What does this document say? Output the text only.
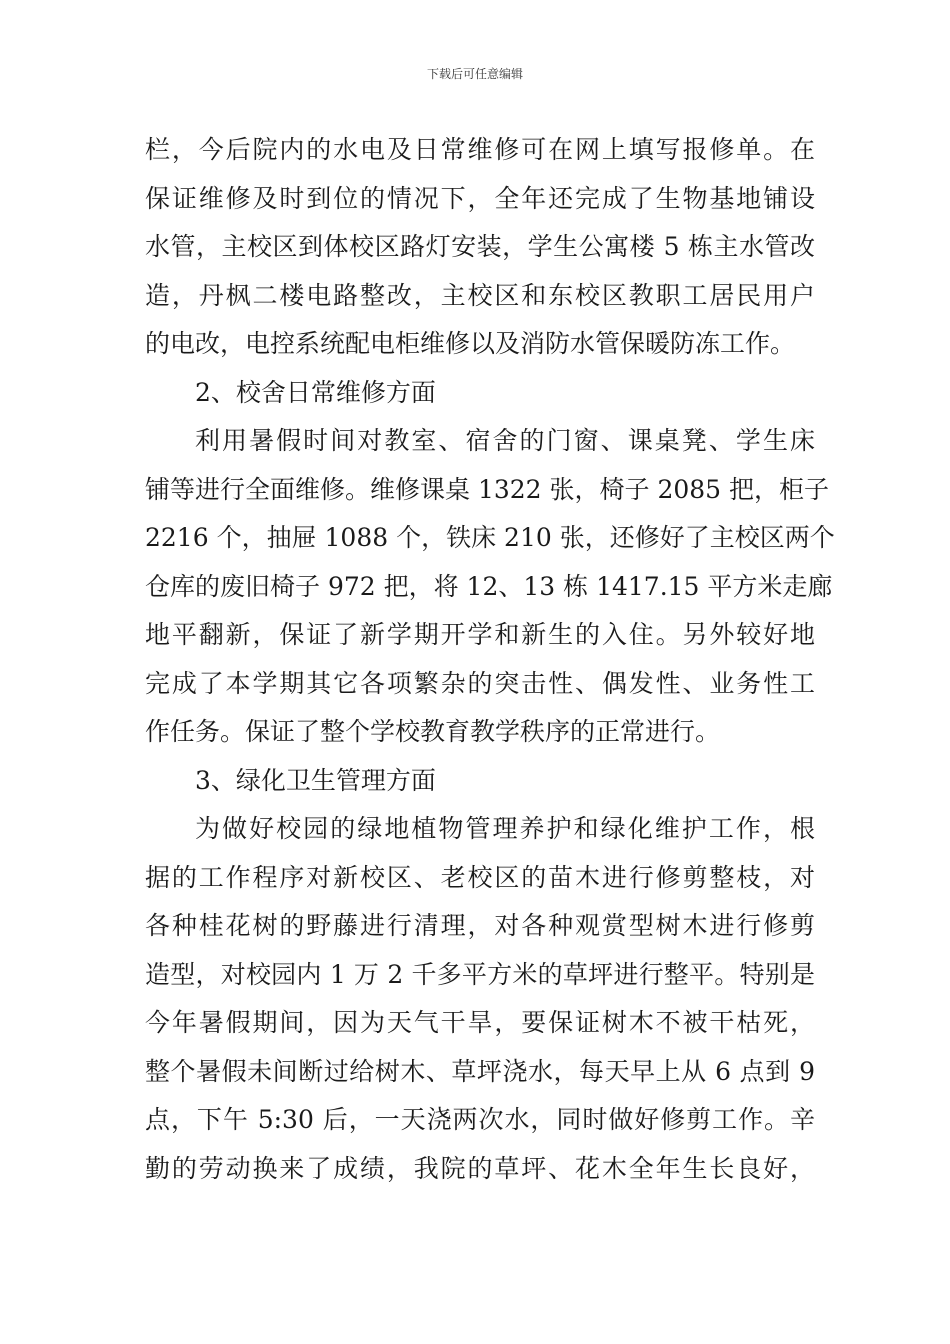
下载后可任意编辑
栏，今后院内的水电及日常维修可在网上填写报修单。在
保证维修及时到位的情况下，全年还完成了生物基地铺设
水管，主校区到体校区路灯安装，学生公寓楼 5 栋主水管改
造，丹枫二楼电路整改，主校区和东校区教职工居民用户
的电改，电控系统配电柜维修以及消防水管保暖防冻工作。
2、校舍日常维修方面
利用暑假时间对教室、宿舍的门窗、课桌凳、学生床
铺等进行全面维修。维修课桌 1322 张，椅子 2085 把，柜子
2216 个，抽屉 1088 个，铁床 210 张，还修好了主校区两个
仓库的废旧椅子 972 把，将 12、13 栋 1417.15 平方米走廊
地平翻新，保证了新学期开学和新生的入住。另外较好地
完成了本学期其它各项繁杂的突击性、偶发性、业务性工
作任务。保证了整个学校教育教学秩序的正常进行。
3、绿化卫生管理方面
为做好校园的绿地植物管理养护和绿化维护工作，根
据的工作程序对新校区、老校区的苗木进行修剪整枝，对
各种桂花树的野藤进行清理，对各种观赏型树木进行修剪
造型，对校园内 1 万 2 千多平方米的草坪进行整平。特别是
今年暑假期间，因为天气干旱，要保证树木不被干枯死，
整个暑假未间断过给树木、草坪浇水，每天早上从 6 点到 9
点，下午 5:30 后，一天浇两次水，同时做好修剪工作。辛
勤的劳动换来了成绩，我院的草坪、花木全年生长良好，
